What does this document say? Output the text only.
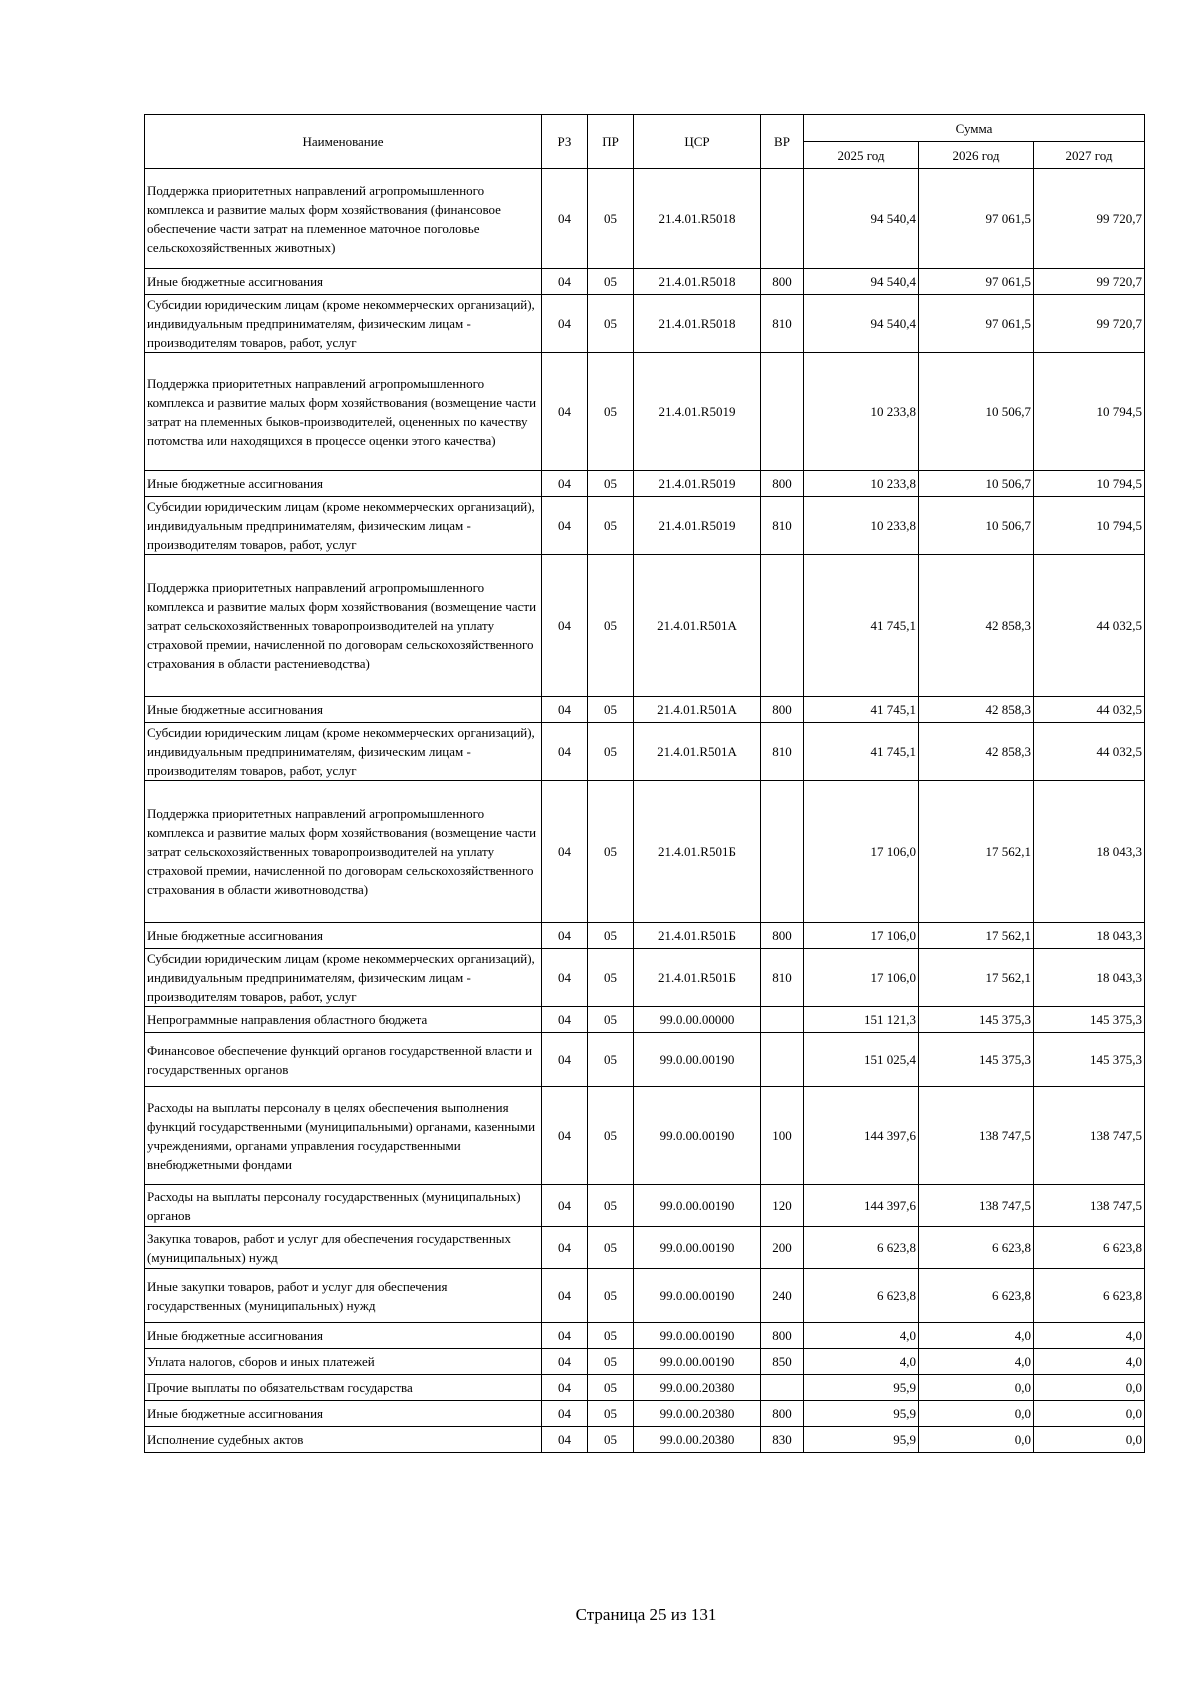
Наименование	РЗ	ПР	ЦСР	ВР	Сумма		
					2025 год	2026 год	2027 год
Поддержка приоритетных направлений агропромышленного комплекса и развитие малых форм хозяйствования (финансовое обеспечение части затрат на племенное маточное поголовье сельскохозяйственных животных)	04	05	21.4.01.R5018		94 540,4	97 061,5	99 720,7
Иные бюджетные ассигнования	04	05	21.4.01.R5018	800	94 540,4	97 061,5	99 720,7
Субсидии юридическим лицам (кроме некоммерческих организаций), индивидуальным предпринимателям, физическим лицам - производителям товаров, работ, услуг	04	05	21.4.01.R5018	810	94 540,4	97 061,5	99 720,7
Поддержка приоритетных направлений агропромышленного комплекса и развитие малых форм хозяйствования (возмещение части затрат на племенных быков-производителей, оцененных по качеству потомства или находящихся в процессе оценки этого качества)	04	05	21.4.01.R5019		10 233,8	10 506,7	10 794,5
Иные бюджетные ассигнования	04	05	21.4.01.R5019	800	10 233,8	10 506,7	10 794,5
Субсидии юридическим лицам (кроме некоммерческих организаций), индивидуальным предпринимателям, физическим лицам - производителям товаров, работ, услуг	04	05	21.4.01.R5019	810	10 233,8	10 506,7	10 794,5
Поддержка приоритетных направлений агропромышленного комплекса и развитие малых форм хозяйствования (возмещение части затрат сельскохозяйственных товаропроизводителей на уплату страховой премии, начисленной по договорам сельскохозяйственного страхования в области растениеводства)	04	05	21.4.01.R501А		41 745,1	42 858,3	44 032,5
Иные бюджетные ассигнования	04	05	21.4.01.R501А	800	41 745,1	42 858,3	44 032,5
Субсидии юридическим лицам (кроме некоммерческих организаций), индивидуальным предпринимателям, физическим лицам - производителям товаров, работ, услуг	04	05	21.4.01.R501А	810	41 745,1	42 858,3	44 032,5
Поддержка приоритетных направлений агропромышленного комплекса и развитие малых форм хозяйствования (возмещение части затрат сельскохозяйственных товаропроизводителей на уплату страховой премии, начисленной по договорам сельскохозяйственного страхования в области животноводства)	04	05	21.4.01.R501Б		17 106,0	17 562,1	18 043,3
Иные бюджетные ассигнования	04	05	21.4.01.R501Б	800	17 106,0	17 562,1	18 043,3
Субсидии юридическим лицам (кроме некоммерческих организаций), индивидуальным предпринимателям, физическим лицам - производителям товаров, работ, услуг	04	05	21.4.01.R501Б	810	17 106,0	17 562,1	18 043,3
Непрограммные направления областного бюджета	04	05	99.0.00.00000		151 121,3	145 375,3	145 375,3
Финансовое обеспечение функций органов государственной власти и государственных органов	04	05	99.0.00.00190		151 025,4	145 375,3	145 375,3
Расходы на выплаты персоналу в целях обеспечения выполнения функций государственными (муниципальными) органами, казенными учреждениями, органами управления государственными внебюджетными фондами	04	05	99.0.00.00190	100	144 397,6	138 747,5	138 747,5
Расходы на выплаты персоналу государственных (муниципальных) органов	04	05	99.0.00.00190	120	144 397,6	138 747,5	138 747,5
Закупка товаров, работ и услуг для обеспечения государственных (муниципальных) нужд	04	05	99.0.00.00190	200	6 623,8	6 623,8	6 623,8
Иные закупки товаров, работ и услуг для обеспечения государственных (муниципальных) нужд	04	05	99.0.00.00190	240	6 623,8	6 623,8	6 623,8
Иные бюджетные ассигнования	04	05	99.0.00.00190	800	4,0	4,0	4,0
Уплата налогов, сборов и иных платежей	04	05	99.0.00.00190	850	4,0	4,0	4,0
Прочие выплаты по обязательствам государства	04	05	99.0.00.20380		95,9	0,0	0,0
Иные бюджетные ассигнования	04	05	99.0.00.20380	800	95,9	0,0	0,0
Исполнение судебных актов	04	05	99.0.00.20380	830	95,9	0,0	0,0
Страница 25 из 131
